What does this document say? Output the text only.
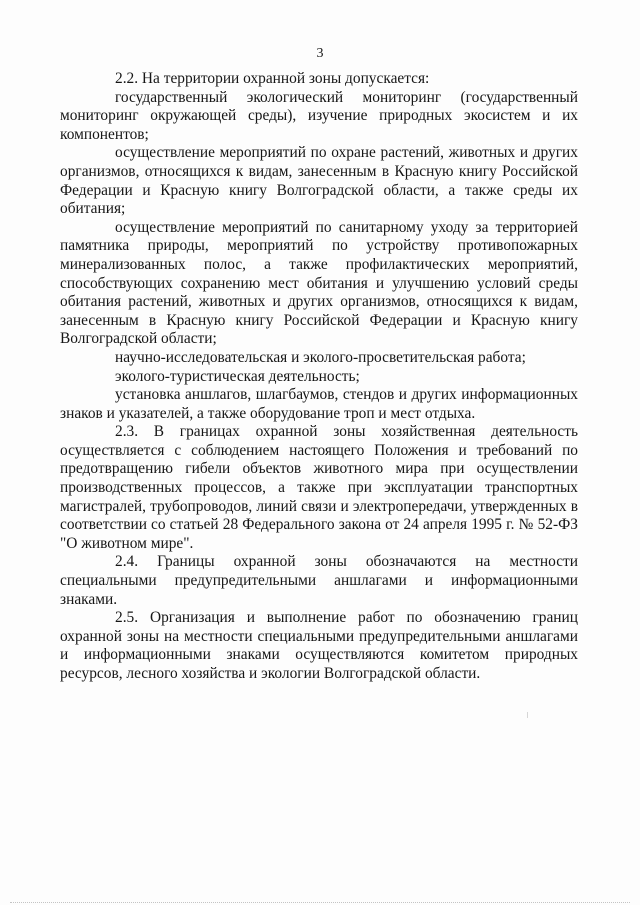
3

2.2. На территории охранной зоны допускается:

государственный экологический мониторинг (государственный мониторинг окружающей среды), изучение природных экосистем и их компонентов;

осуществление мероприятий по охране растений, животных и других организмов, относящихся к видам, занесенным в Красную книгу Российской Федерации и Красную книгу Волгоградской области, а также среды их обитания;

осуществление мероприятий по санитарному уходу за территорией памятника природы, мероприятий по устройству противопожарных минерализованных полос, а также профилактических мероприятий, способствующих сохранению мест обитания и улучшению условий среды обитания растений, животных и других организмов, относящихся к видам, занесенным в Красную книгу Российской Федерации и Красную книгу Волгоградской области;

научно-исследовательская и эколого-просветительская работа;

эколого-туристическая деятельность;

установка аншлагов, шлагбаумов, стендов и других информационных знаков и указателей, а также оборудование троп и мест отдыха.

2.3. В границах охранной зоны хозяйственная деятельность осуществляется с соблюдением настоящего Положения и требований по предотвращению гибели объектов животного мира при осуществлении производственных процессов, а также при эксплуатации транспортных магистралей, трубопроводов, линий связи и электропередачи, утвержденных в соответствии со статьей 28 Федерального закона от 24 апреля 1995 г. № 52-ФЗ "О животном мире".

2.4. Границы охранной зоны обозначаются на местности специальными предупредительными аншлагами и информационными знаками.

2.5. Организация и выполнение работ по обозначению границ охранной зоны на местности специальными предупредительными аншлагами и информационными знаками осуществляются комитетом природных ресурсов, лесного хозяйства и экологии Волгоградской области.
